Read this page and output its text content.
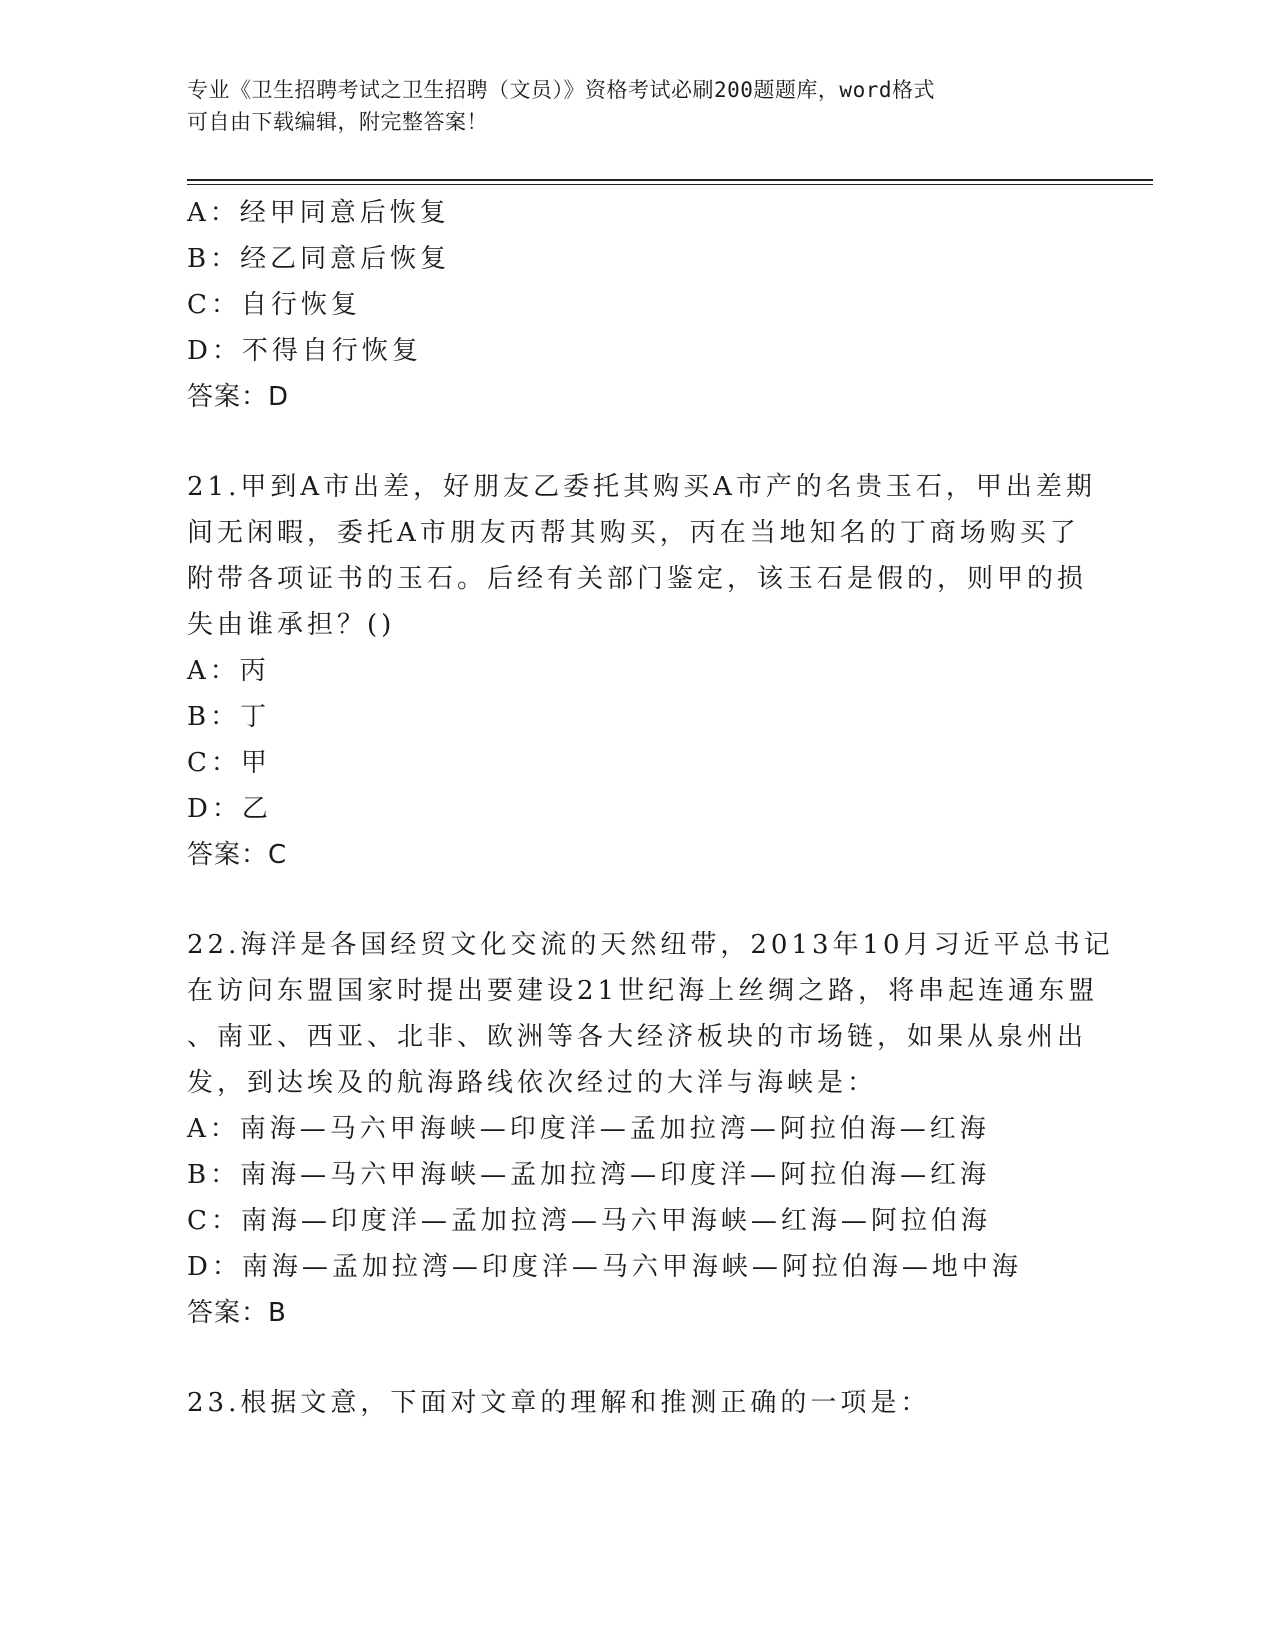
专业《卫生招聘考试之卫生招聘（文员）》资格考试必刷200题题库，word格式
可自由下载编辑，附完整答案！
A：经甲同意后恢复
B：经乙同意后恢复
C：自行恢复
D：不得自行恢复
答案：D
21.甲到A市出差，好朋友乙委托其购买A市产的名贵玉石，甲出差期
间无闲暇，委托A市朋友丙帮其购买，丙在当地知名的丁商场购买了
附带各项证书的玉石。后经有关部门鉴定，该玉石是假的，则甲的损
失由谁承担？()
A：丙
B：丁
C：甲
D：乙
答案：C
22.海洋是各国经贸文化交流的天然纽带，2013年10月习近平总书记
在访问东盟国家时提出要建设21世纪海上丝绸之路，将串起连通东盟
、南亚、西亚、北非、欧洲等各大经济板块的市场链，如果从泉州出
发，到达埃及的航海路线依次经过的大洋与海峡是：
A：南海—马六甲海峡—印度洋—孟加拉湾—阿拉伯海—红海
B：南海—马六甲海峡—孟加拉湾—印度洋—阿拉伯海—红海
C：南海—印度洋—孟加拉湾—马六甲海峡—红海—阿拉伯海
D：南海—孟加拉湾—印度洋—马六甲海峡—阿拉伯海—地中海
答案：B
23.根据文意，下面对文章的理解和推测正确的一项是：
